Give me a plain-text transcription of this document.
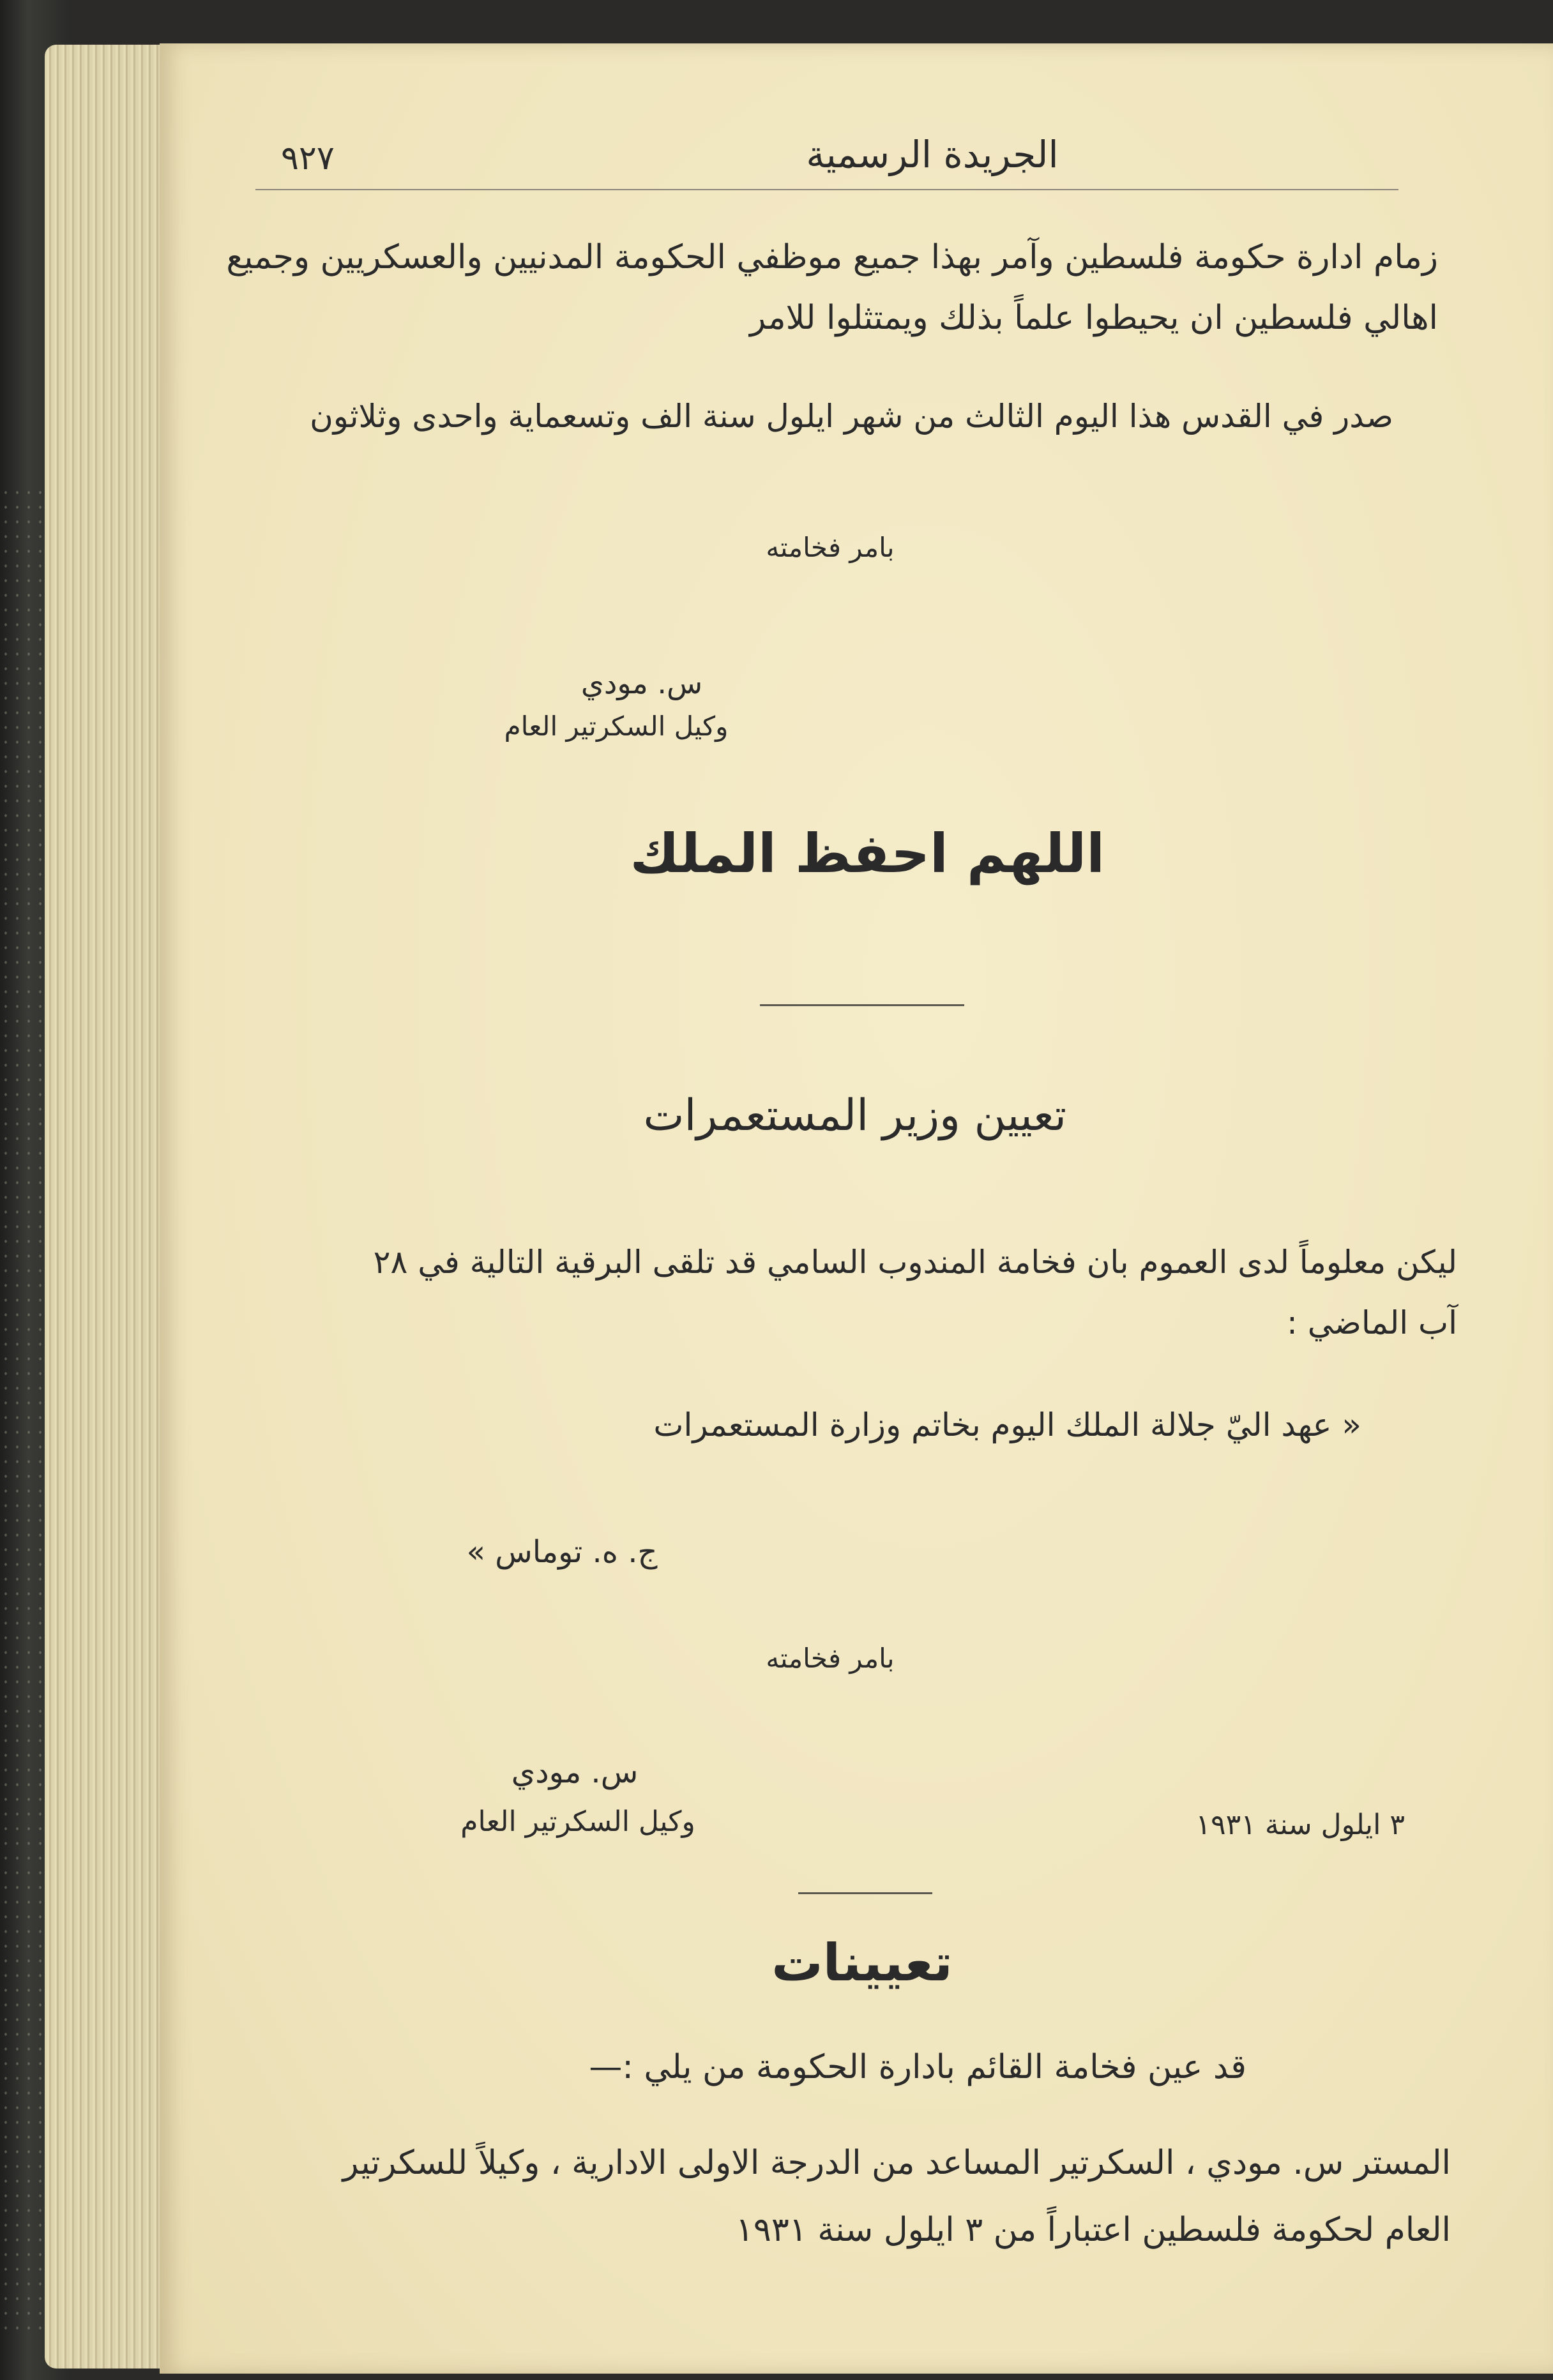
٩٢٧	الجريدة الرسمية
زمام ادارة حكومة فلسطين وآمر بهذا جميع موظفي الحكومة المدنيين والعسكريين وجميع
اهالي فلسطين ان يحيطوا علماً بذلك ويمتثلوا للامر
صدر في القدس هذا اليوم الثالث من شهر ايلول سنة الف وتسعماية واحدى وثلاثون
بامر فخامته
س. مودي
وكيل السكرتير العام
اللهم احفظ الملك
تعيين وزير المستعمرات
ليكن معلوماً لدى العموم بان فخامة المندوب السامي قد تلقى البرقية التالية في ٢٨
آب الماضي :
« عهد اليّ جلالة الملك اليوم بخاتم وزارة المستعمرات
ج. ه. توماس »
بامر فخامته
س. مودي
وكيل السكرتير العام	٣ ايلول سنة ١٩٣١
تعيينات
قد عين فخامة القائم بادارة الحكومة من يلي :—
المستر س. مودي ، السكرتير المساعد من الدرجة الاولى الادارية ، وكيلاً للسكرتير
العام لحكومة فلسطين اعتباراً من ٣ ايلول سنة ١٩٣١
